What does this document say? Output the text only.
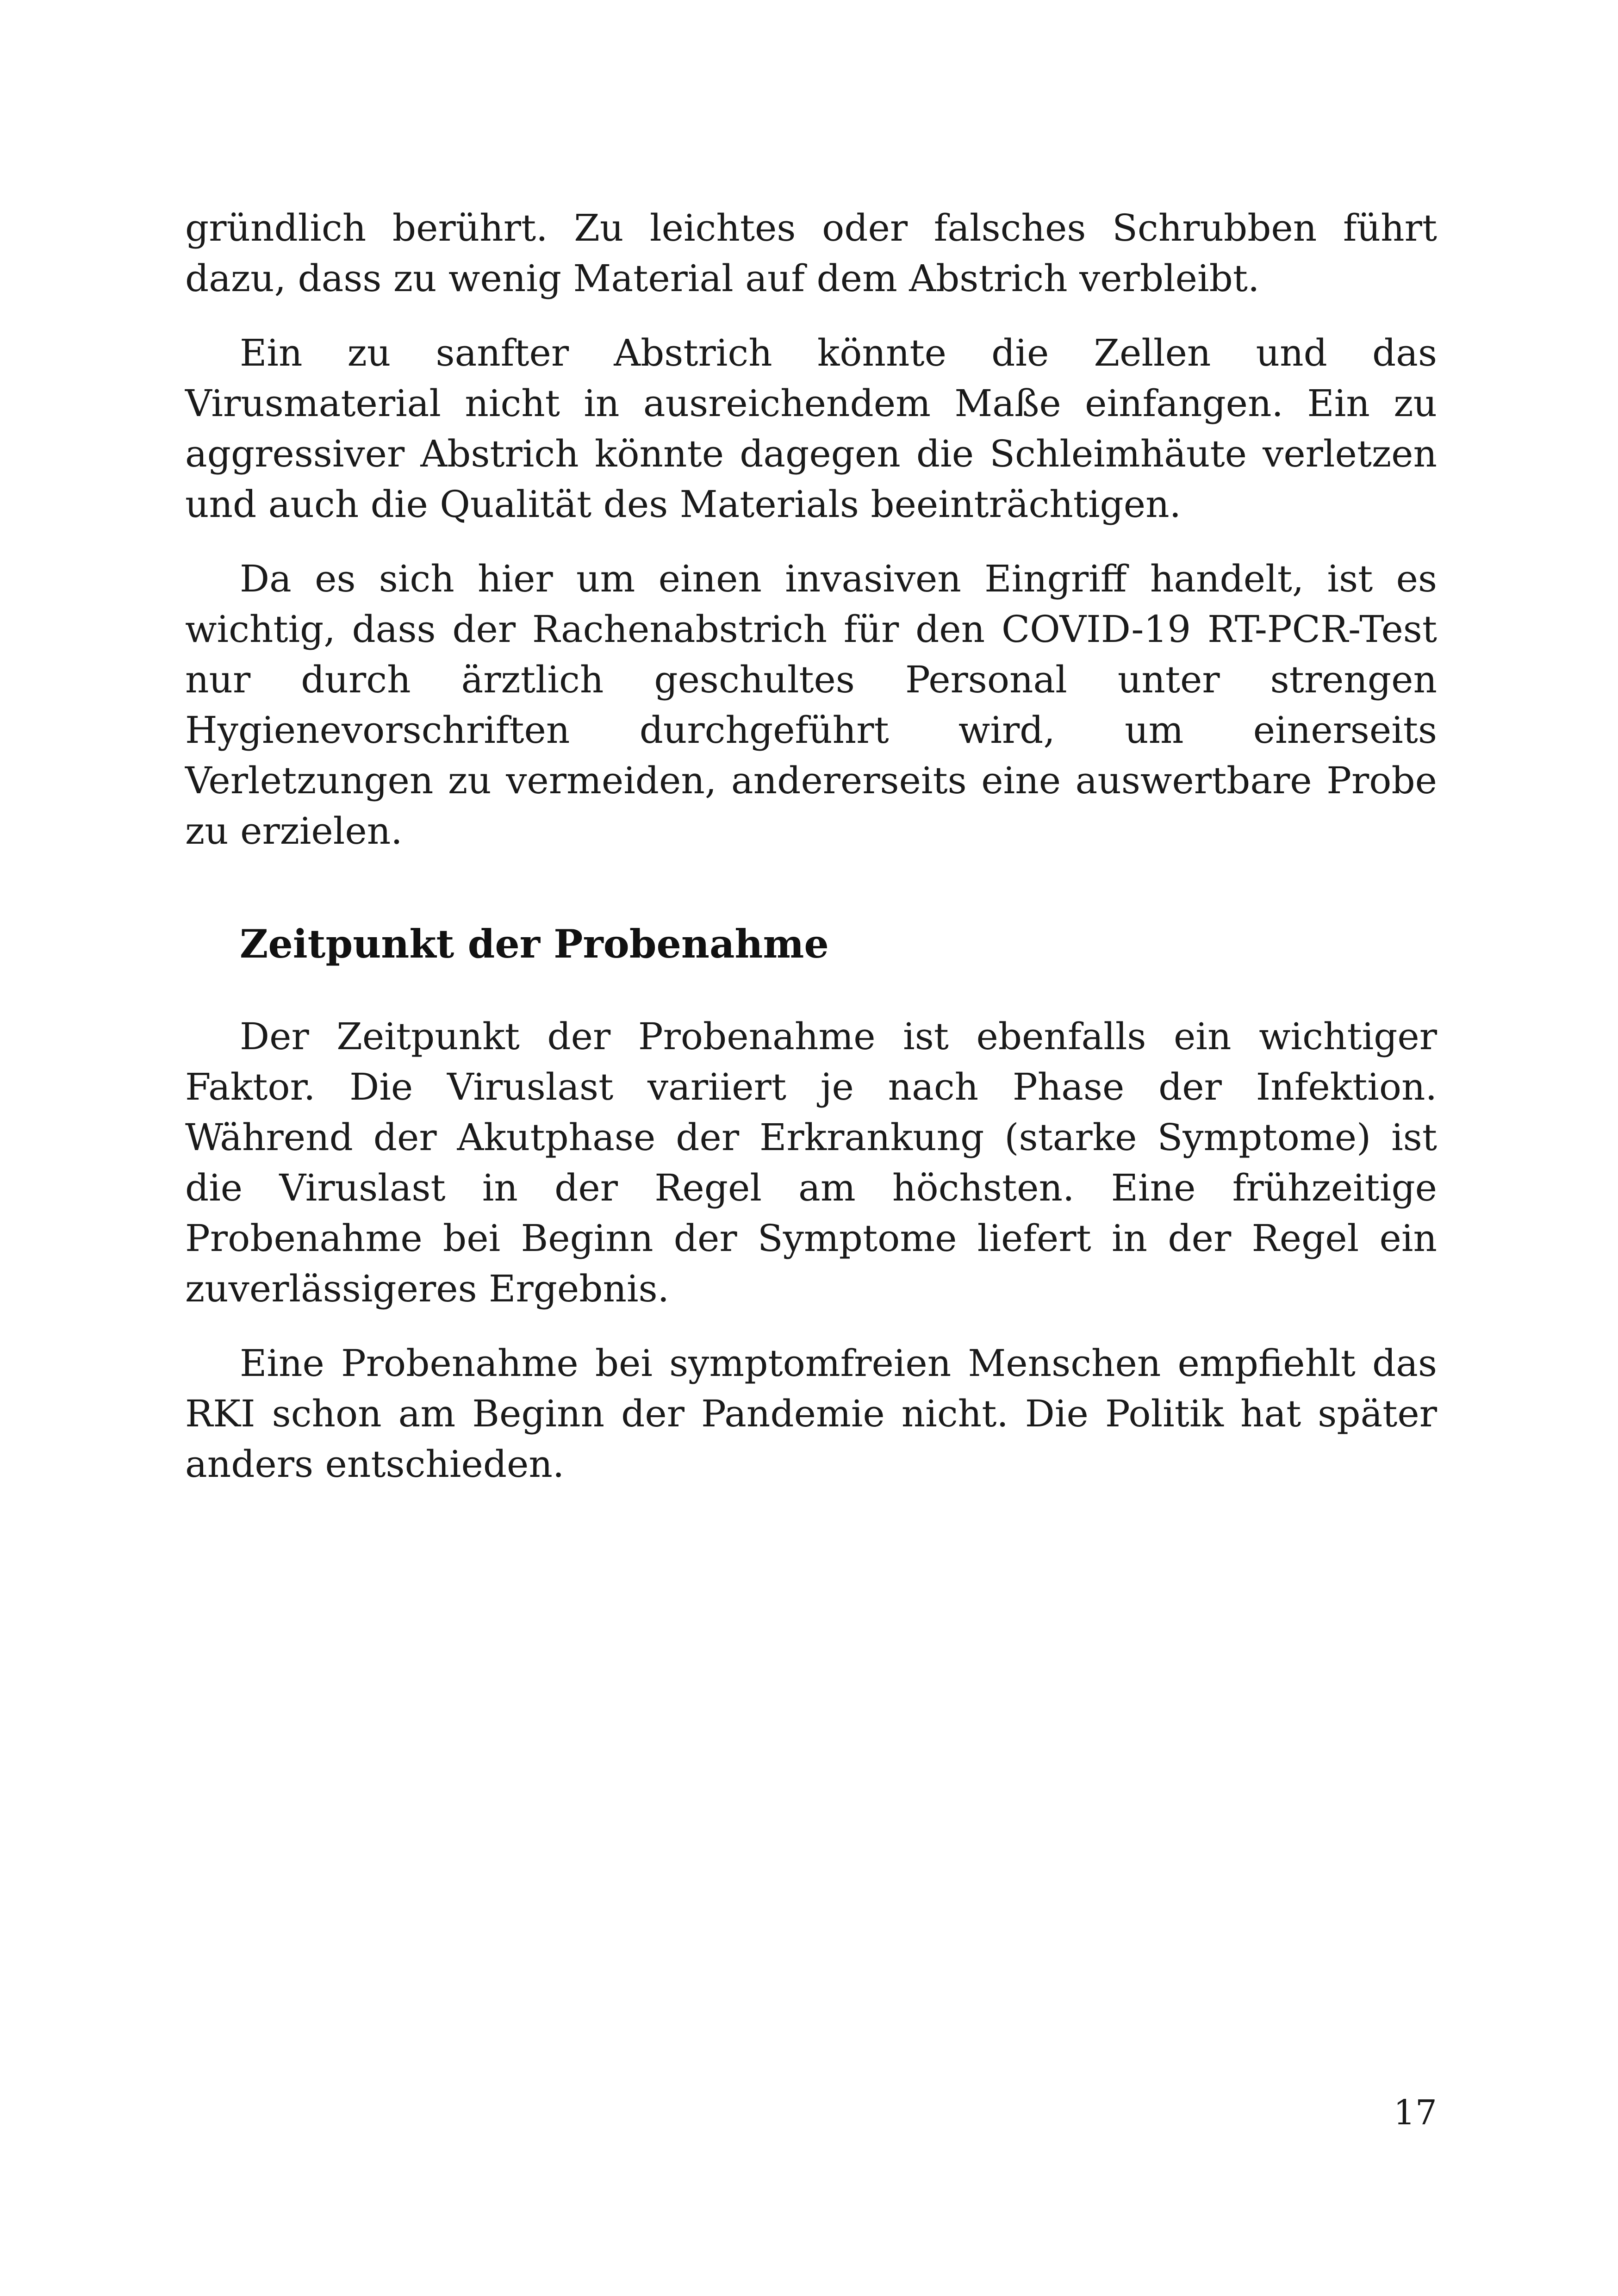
gründlich berührt. Zu leichtes oder falsches Schrubben führt dazu, dass zu wenig Material auf dem Abstrich verbleibt.

Ein zu sanfter Abstrich könnte die Zellen und das Virusmaterial nicht in ausreichendem Maße einfangen. Ein zu aggressiver Abstrich könnte dagegen die Schleimhäute verletzen und auch die Qualität des Materials beeinträchtigen.

Da es sich hier um einen invasiven Eingriff handelt, ist es wichtig, dass der Rachenabstrich für den COVID-19 RT-PCR-Test nur durch ärztlich geschultes Personal unter strengen Hygienevorschriften durchgeführt wird, um einerseits Verletzungen zu vermeiden, andererseits eine auswertbare Probe zu erzielen.

Zeitpunkt der Probenahme

Der Zeitpunkt der Probenahme ist ebenfalls ein wichtiger Faktor. Die Viruslast variiert je nach Phase der Infektion. Während der Akutphase der Erkrankung (starke Symptome) ist die Viruslast in der Regel am höchsten. Eine frühzeitige Probenahme bei Beginn der Symptome liefert in der Regel ein zuverlässigeres Ergebnis.

Eine Probenahme bei symptomfreien Menschen empfiehlt das RKI schon am Beginn der Pandemie nicht. Die Politik hat später anders entschieden.

17
